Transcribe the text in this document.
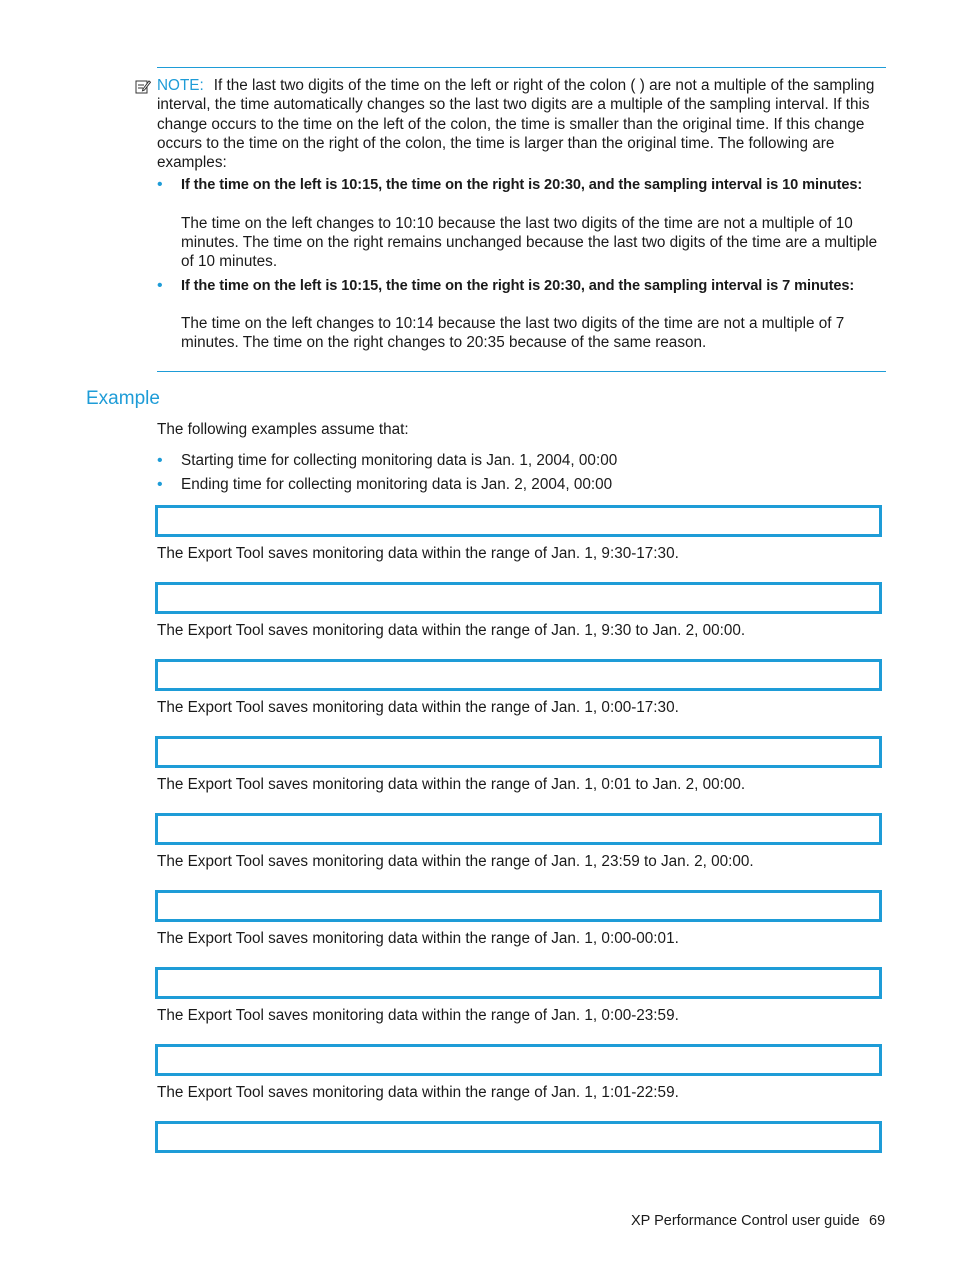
NOTE: If the last two digits of the time on the left or right of the colon ( ) are not a multiple of the sampling interval, the time automatically changes so the last two digits are a multiple of the sampling interval. If this change occurs to the time on the left of the colon, the time is smaller than the original time. If this change occurs to the time on the right of the colon, the time is larger than the original time. The following are examples:
• If the time on the left is 10:15, the time on the right is 20:30, and the sampling interval is 10 minutes:
The time on the left changes to 10:10 because the last two digits of the time are not a multiple of 10 minutes. The time on the right remains unchanged because the last two digits of the time are a multiple of 10 minutes.
• If the time on the left is 10:15, the time on the right is 20:30, and the sampling interval is 7 minutes:
The time on the left changes to 10:14 because the last two digits of the time are not a multiple of 7 minutes. The time on the right changes to 20:35 because of the same reason.
Example
The following examples assume that:
• Starting time for collecting monitoring data is Jan. 1, 2004, 00:00
• Ending time for collecting monitoring data is Jan. 2, 2004, 00:00
The Export Tool saves monitoring data within the range of Jan. 1, 9:30-17:30.
The Export Tool saves monitoring data within the range of Jan. 1, 9:30 to Jan. 2, 00:00.
The Export Tool saves monitoring data within the range of Jan. 1, 0:00-17:30.
The Export Tool saves monitoring data within the range of Jan. 1, 0:01 to Jan. 2, 00:00.
The Export Tool saves monitoring data within the range of Jan. 1, 23:59 to Jan. 2, 00:00.
The Export Tool saves monitoring data within the range of Jan. 1, 0:00-00:01.
The Export Tool saves monitoring data within the range of Jan. 1, 0:00-23:59.
The Export Tool saves monitoring data within the range of Jan. 1, 1:01-22:59.
XP Performance Control user guide 69
